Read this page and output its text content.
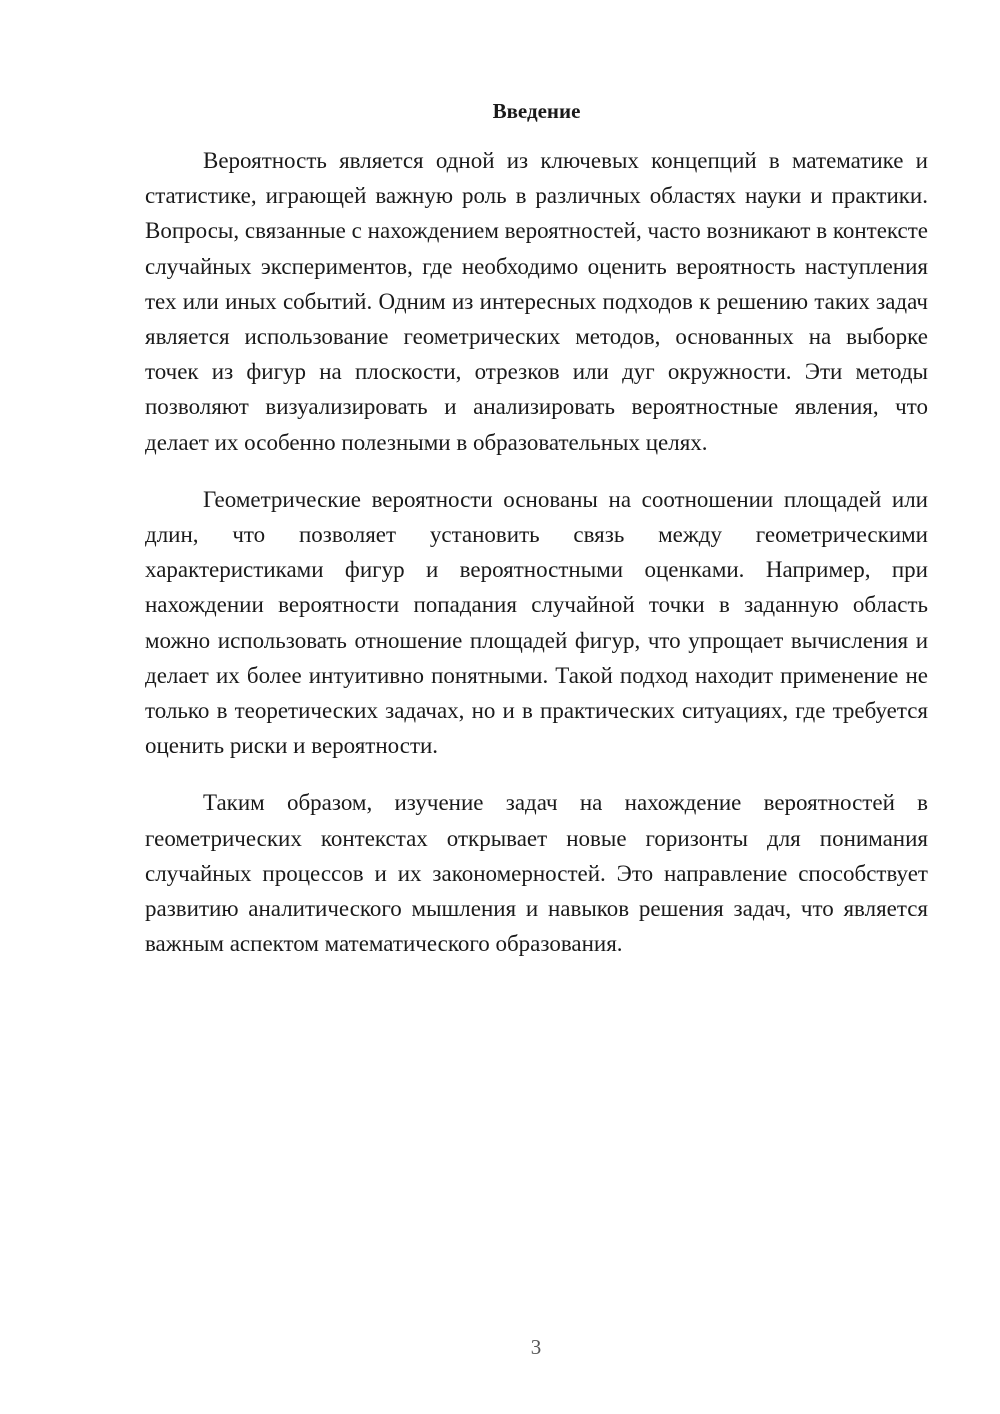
Введение

Вероятность является одной из ключевых концепций в математике и статистике, играющей важную роль в различных областях науки и практики. Вопросы, связанные с нахождением вероятностей, часто возникают в контексте случайных экспериментов, где необходимо оценить вероятность наступления тех или иных событий. Одним из интересных подходов к решению таких задач является использование геометрических методов, основанных на выборке точек из фигур на плоскости, отрезков или дуг окружности. Эти методы позволяют визуализировать и анализировать вероятностные явления, что делает их особенно полезными в образовательных целях.

Геометрические вероятности основаны на соотношении площадей или длин, что позволяет установить связь между геометрическими характеристиками фигур и вероятностными оценками. Например, при нахождении вероятности попадания случайной точки в заданную область можно использовать отношение площадей фигур, что упрощает вычисления и делает их более интуитивно понятными. Такой подход находит применение не только в теоретических задачах, но и в практических ситуациях, где требуется оценить риски и вероятности.

Таким образом, изучение задач на нахождение вероятностей в геометрических контекстах открывает новые горизонты для понимания случайных процессов и их закономерностей. Это направление способствует развитию аналитического мышления и навыков решения задач, что является важным аспектом математического образования.

3
